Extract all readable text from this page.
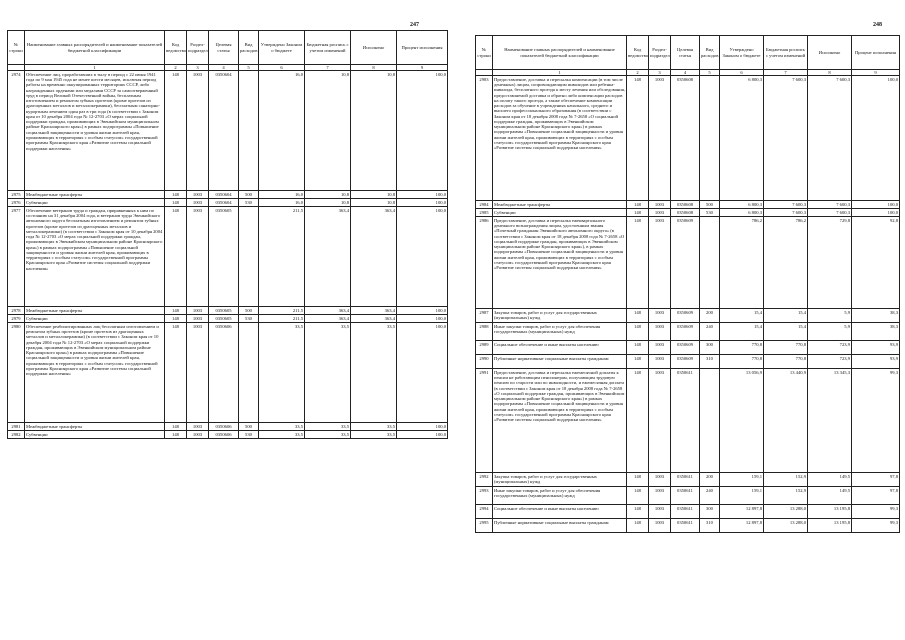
247
№ строки	Наименование главных распорядителей и наименование показателей бюджетной классификации	Код ведомства	Раздел-подраздел	Целевая статья	Вид расходов	Утверждено Законом о бюджете	Бюджетная роспись с учетом изменений	Исполнено	Процент исполнения
	1	2	3	4	5	6	7	8	9
2974	Обеспечение лиц, проработавших в тылу в период с 22 июня 1941 года по 9 мая 1945 года не менее шести месяцев, исключая период работы на временно оккупированных территориях СССР, либо награжденных орденами или медалями СССР за самоотверженный труд в период Великой Отечественной войны, бесплатным изготовлением и ремонтом зубных протезов (кроме протезов из драгоценных металлов и металлокерамики), бесплатным санаторно-курортным лечением один раз в три года (в соответствии с Законом края от 10 декабря 2004 года № 12-2703 «О мерах социальной поддержки граждан, проживающих в Эвенкийском муниципальном районе Красноярского края») в рамках подпрограммы «Повышение социальной защищенности и уровня жизни жителей края, проживающих в территориях с особым статусом» государственной программы Красноярского края «Развитие системы социальной поддержки населения»	148	1003	0350604		16,0	10,8	10,8	100,0
2975	Межбюджетные трансферты	148	1003	0350604	500	16,0	10,8	10,8	100,0
2976	Субвенции	148	1003	0350604	530	16,0	10,8	10,8	100,0
2977	Обеспечение ветеранов труда и граждан, приравненных к ним по состоянию на 31 декабря 2004 года, и ветеранов труда Эвенкийского автономного округа бесплатным изготовлением и ремонтом зубных протезов (кроме протезов из драгоценных металлов и металлокерамики) (в соответствии с Законом края от 10 декабря 2004 года № 12-2703 «О мерах социальной поддержки граждан, проживающих в Эвенкийском муниципальном районе Красноярского края») в рамках подпрограммы «Повышение социальной защищенности и уровня жизни жителей края, проживающих в территориях с особым статусом» государственной программы Красноярского края «Развитие системы социальной поддержки населения»	148	1003	0350605		211,5	363,4	363,4	100,0
2978	Межбюджетные трансферты	148	1003	0350605	500	211,5	363,4	363,4	100,0
2979	Субвенции	148	1003	0350605	530	211,5	363,4	363,4	100,0
2980	Обеспечение реабилитированных лиц бесплатным изготовлением и ремонтом зубных протезов (кроме протезов из драгоценных металлов и металлокерамики) (в соответствии с Законом края от 10 декабря 2004 года № 12-2703 «О мерах социальной поддержки граждан, проживающих в Эвенкийском муниципальном районе Красноярского края») в рамках подпрограммы «Повышение социальной защищенности и уровня жизни жителей края, проживающих в территориях с особым статусом» государственной программы Красноярского края «Развитие системы социальной поддержки населения»	148	1003	0350606		33,5	33,5	33,5	100,0
2981	Межбюджетные трансферты	148	1003	0350606	500	33,5	33,5	33,5	100,0
2982	Субвенции	148	1003	0350606	530	33,5	33,5	33,5	100,0
248
№ строки	Наименование главных распорядителей и наименование показателей бюджетной классификации	Код ведомства	Раздел-подраздел	Целевая статья	Вид расходов	Утверждено Законом о бюджете	Бюджетная роспись с учетом изменений	Исполнено	Процент исполнения
	1	2	3	4	5	6	7	8	9
2983	Предоставление, доставка и пересылка компенсации (в том числе денежных) лицам, сопровождающим инвалидов или ребенка-инвалида, бесплатного проезда к месту лечения или обследования, предоставляемой доставка и обратно либо компенсации расходов на оплату такого проезда, а также обеспечение компенсации расходов за обучение в учреждениях начального, среднего и высшего профессионального образования (в соответствии с Законом края от 18 декабря 2008 года № 7-2658 «О социальной поддержке граждан, проживающих в Эвенкийском муниципальном районе Красноярского края») в рамках подпрограммы «Повышение социальной защищенности и уровня жизни жителей края, проживающих в территориях с особым статусом» государственной программы Красноярского края «Развитие системы социальной поддержки населения»	148	1003	0350608		6 800,3	7 600,3	7 600,3	100,0
2984	Межбюджетные трансферты	148	1003	0350608	500	6 800,3	7 600,3	7 600,3	100,0
2985	Субвенции	148	1003	0350608	530	6 800,3	7 600,3	7 600,3	100,0
2986	Предоставление, доставка и пересылка ежеквартального денежного вознаграждения лицам, удостоенным звания «Почетный гражданин Эвенкийского автономного округа» (в соответствии с Законом края от 18 декабря 2008 года № 7-2658 «О социальной поддержке граждан, проживающих в Эвенкийском муниципальном районе Красноярского края»), в рамках подпрограммы «Повышение социальной защищенности и уровня жизни жителей края, проживающих в территориях с особым статусом» государственной программы Красноярского края «Развитие системы социальной поддержки населения»	148	1003	0350609		786,2	786,2	729,8	92,8
2987	Закупка товаров, работ и услуг для государственных (муниципальных) нужд	148	1003	0350609	200	15,4	15,4	5,9	38,3
2988	Иные закупки товаров, работ и услуг для обеспечения государственных (муниципальных) нужд	148	1003	0350609	240	15,4	15,4	5,9	38,3
2989	Социальное обеспечение и иные выплаты населению	148	1003	0350609	300	770,8	770,8	723,9	93,9
2990	Публичные нормативные социальные выплаты гражданам	148	1003	0350609	310	770,8	770,8	723,9	93,9
2991	Предоставление, доставка и пересылка ежемесячной доплаты к пенсии не работающим пенсионерам, получающим трудовую пенсию по старости или по инвалидности, и ежемесячная доплата (в соответствии с Законом края от 18 декабря 2008 года № 7-2658 «О социальной поддержке граждан, проживающих в Эвенкийском муниципальном районе Красноярского края») в рамках подпрограммы «Повышение социальной защищенности и уровня жизни жителей края, проживающих в территориях с особым статусом» государственной программы Красноярского края «Развитие системы социальной поддержки населения»	148	1003	0350611		13 056,9	13 440,9	13 345,3	99,3
2992	Закупка товаров, работ и услуг для государственных (муниципальных) нужд	148	1003	0350611	200	159,1	152,9	149,5	97,8
2993	Иные закупки товаров, работ и услуг для обеспечения государственных (муниципальных) нужд	148	1003	0350611	240	159,1	152,9	149,5	97,8
2994	Социальное обеспечение и иные выплаты населению	148	1003	0350611	300	12 897,8	13 288,0	13 195,8	99,3
2995	Публичные нормативные социальные выплаты гражданам	148	1003	0350611	310	12 897,8	13 288,0	13 195,8	99,3
